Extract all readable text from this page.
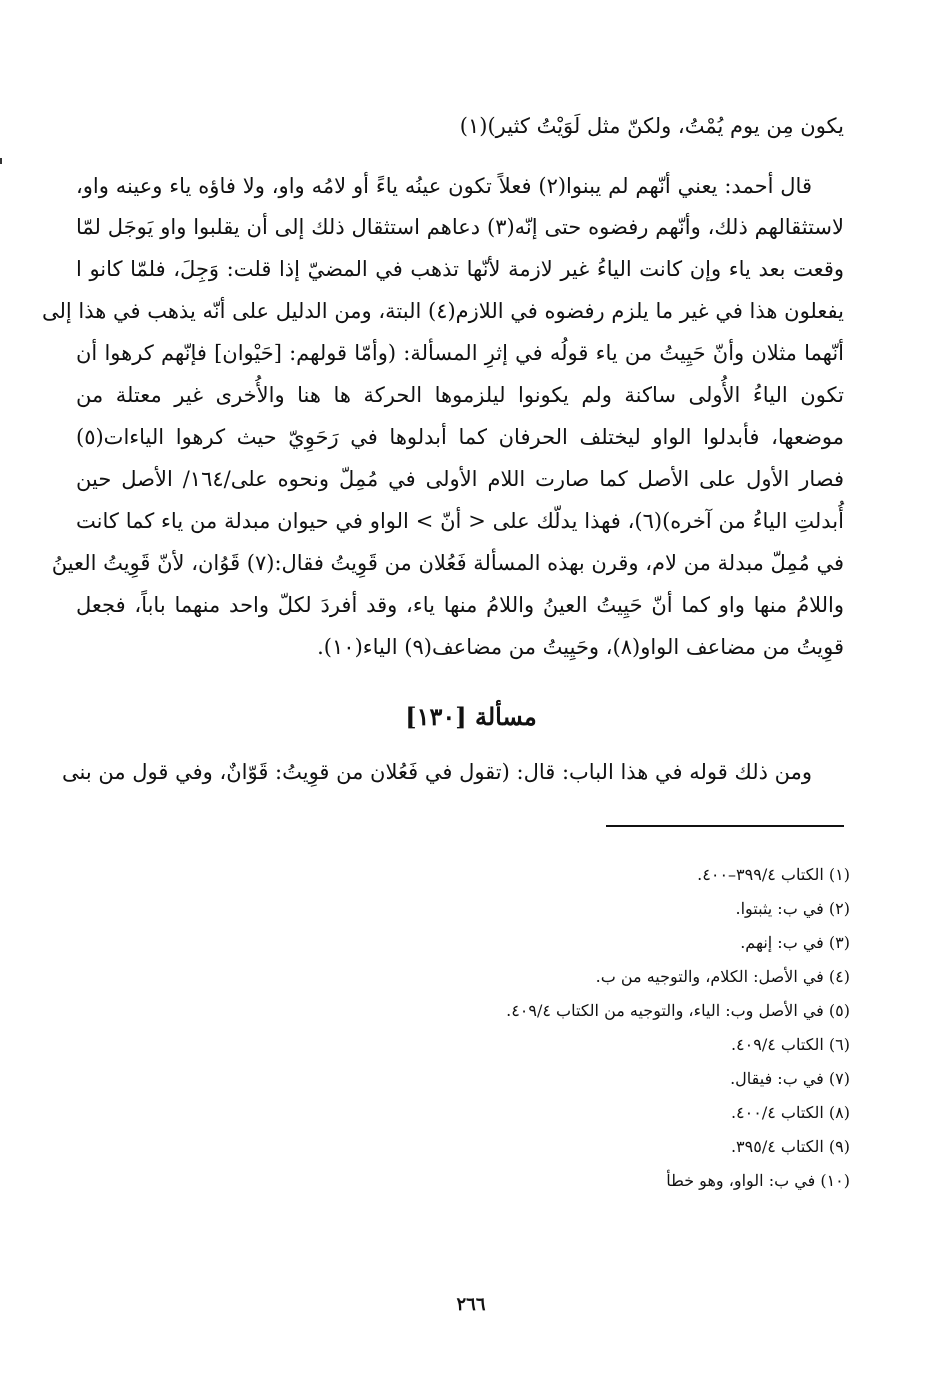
يكون مِن يوم يُمْتُ، ولكنّ مثل لَوَيْتُ كثير)(١)
قال أحمد: يعني أنّهم لم يبنوا(٢) فعلاً تكون عينُه ياءً أو لامُه واو، ولا فاؤه ياء وعينه واو،
لاستثقالهم ذلك، وأنّهم رفضوه حتى إنّه(٣) دعاهم استثقال ذلك إلى أن يقلبوا واو يَوجَل لمّا
وقعت بعد ياء وإن كانت الياءُ غير لازمة لأنّها تذهب في المضيّ إذا قلت: وَجِلَ، فلمّا كانو ا
يفعلون هذا في غير ما يلزم رفضوه في اللازم(٤) البتة، ومن الدليل على أنّه يذهب في هذا إلى
أنّهما مثلان وأنّ حَيِيتُ من ياء قولُه في إثرِ المسألة: (وأمّا قولهم: [حَيْوان] فإنّهم كرهوا أن
تكون الياءُ الأُولى ساكنة ولم يكونوا ليلزموها الحركة ها هنا والأُخرى غير معتلة من
موضعها، فأبدلوا الواو ليختلف الحرفان كما أبدلوها في رَحَوِيّ حيث كرهوا الياءات(٥)
فصار الأول على الأصل كما صارت اللام الأولى في مُمِلّ ونحوه على/١٦٤/ الأصل حين
أُبدلتِ الياءُ من آخره)(٦)، فهذا يدلّك على < أنّ > الواو في حيوان مبدلة من ياء كما كانت
في مُمِلّ مبدلة من لام، وقرن بهذه المسألة فَعُلان من قَوِيتُ فقال:(٧) قَوُان، لأنّ قَوِيتُ العينُ
واللامُ منها واو كما أنّ حَيِيتُ العينُ واللامُ منها ياء، وقد أفردَ لكلّ واحد منهما باباً، فجعل
قوِيتُ من مضاعف الواو(٨)، وحَيِيتُ من مضاعف(٩) الياء(١٠).
مسألة [١٣٠]
ومن ذلك قوله في هذا الباب: قال: (تقول في فَعُلان من قوِيتُ: قَوّانٌ، وفي قول من بنى
(١) الكتاب ٣٩٩/٤–٤٠٠.
(٢) في ب: يثبتوا.
(٣) في ب: إنهم.
(٤) في الأصل: الكلام، والتوجيه من ب.
(٥) في الأصل وب: الياء، والتوجيه من الكتاب ٤٠٩/٤.
(٦) الكتاب ٤٠٩/٤.
(٧) في ب: فيقال.
(٨) الكتاب ٤٠٠/٤.
(٩) الكتاب ٣٩٥/٤.
(١٠) في ب: الواو، وهو خطأ
٢٦٦
